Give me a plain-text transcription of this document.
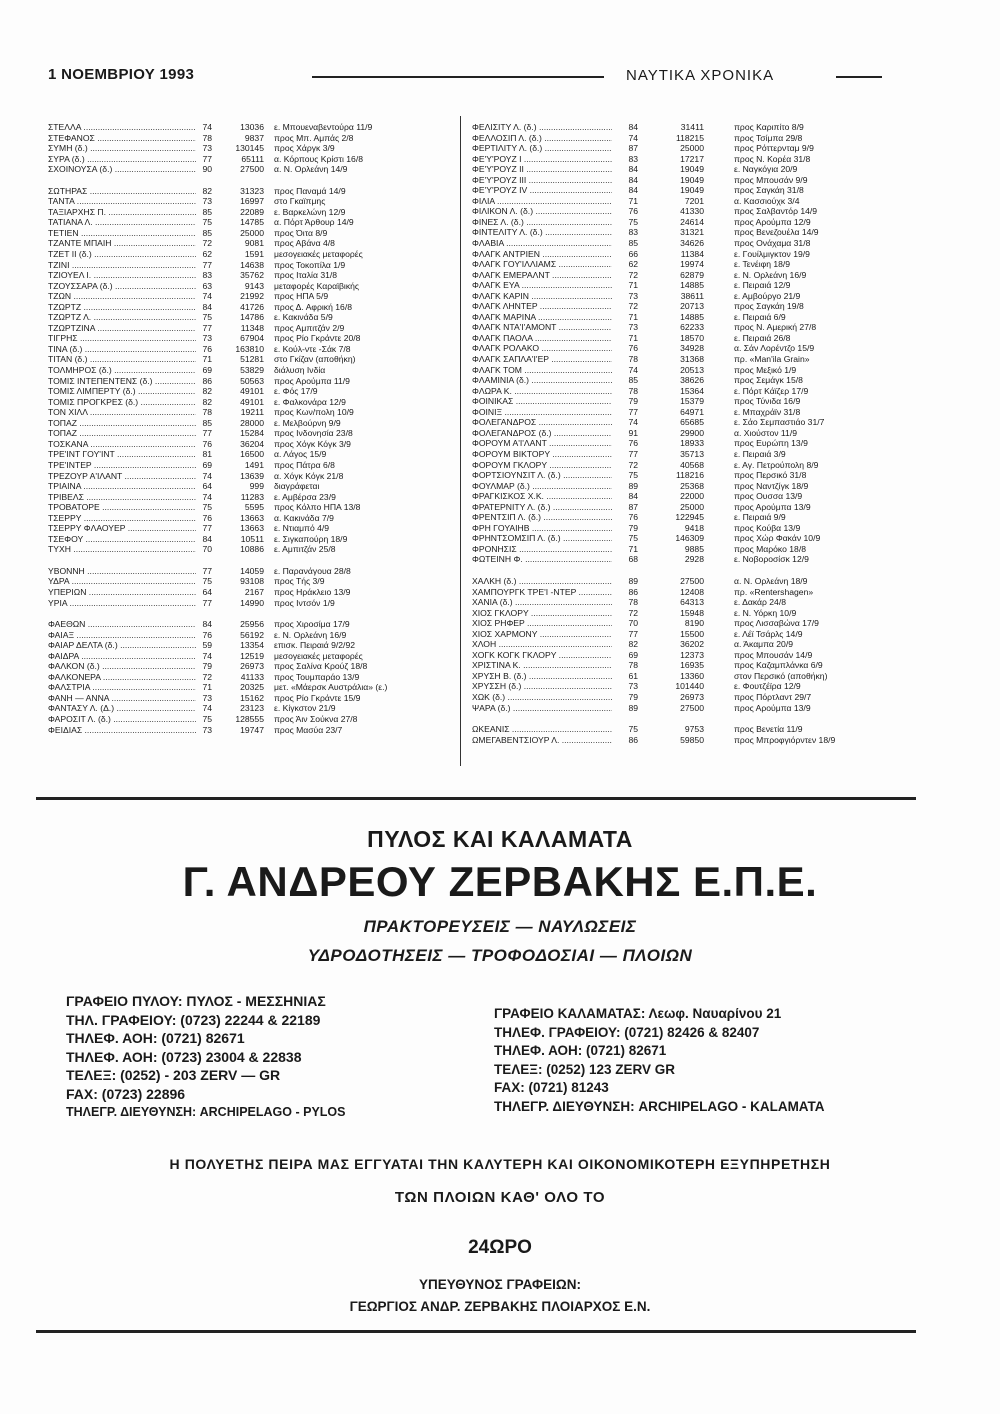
1 ΝΟΕΜΒΡΙΟΥ 1993	ΝΑΥΤΙΚΑ ΧΡΟΝΙΚΑ
ΣΤΕΛΛΑ .....	74	13036 ε. Μπουεναβεντούρα 11/9
ΣΤΕΦΑΝΟΣ .....	78	9837 προς Μπ. Αμπάς 2/8
ΣΥΜΗ (δ.) .....	73	130145 προς Χάργκ 3/9
ΣΥΡΑ (δ.) .....	77	65111 α. Κόρπους Κρίστι 16/8
ΣΧΟΙΝΟΥΣΑ (δ.) .....	90	27500 α. Ν. Ορλεάνη 14/9
ΣΩΤΗΡΑΣ .....	82	31323 προς Παναμά 14/9
ΤΑΝΤΑ .....	73	16997 στο Γκαϊπμης
ΤΑΞΙΑΡΧΗΣ Π. .....	85	22089 ε. Βαρκελώνη 12/9
ΤΑΤΙΑΝΑ Λ. .....	75	14785 α. Πόρτ Άρθουρ 14/9
ΤΕΤΙΕΝ .....	85	25000 προς Όιτα 8/9
ΤΖΑΝΤΕ ΜΠΑΙΗ .....	72	9081 προς Αβάνα 4/8
ΤΖΕΤ ΙΙ (δ.) .....	62	1591 μεσογειακές μεταφορές
ΤΖΙΝΙ .....	77	14638 προς Τοκοπίλα 1/9
ΤΖΙΟΥΕΛ Ι. .....	83	35762 προς Ιταλία 31/8
ΤΖΟΥΣΣΑΡΑ (δ.) .....	63	9143 μεταφορές Καραϊβικής
ΤΖΩΝ .....	74	21992 προς ΗΠΑ 5/9
ΤΖΩΡΤΖ .....	84	41726 προς Δ. Αφρική 16/8
ΤΖΩΡΤΖ Λ. .....	75	14786 ε. Κακινάδα 5/9
ΤΖΩΡΤΖΙΝΑ .....	77	11348 προς Αμπιτζάν 2/9
ΤΙΓΡΗΣ .....	73	67904 προς Ρίο Γκράντε 20/8
ΤΙΝΑ (δ.) .....	76	163810 ε. Κούλ-ντε -Σάκ 7/8
ΤΙΤΑΝ (δ.) .....	71	51281 στο Γκίζαν (αποθήκη)
ΤΟΛΜΗΡΟΣ (δ.) .....	69	53829 διάλυση Ινδία
ΤΟΜΙΣ ΙΝΤΕΠΕΝΤΕΝΣ (δ.) .....	86	50563 προς Αρούμπα 11/9
ΤΟΜΙΣ ΛΙΜΠΕΡΤΥ (δ.) .....	82	49101 ε. Φός 17/9
ΤΟΜΙΣ ΠΡΟΓΚΡΕΣ (δ.) .....	82	49101 ε. Φαλκονάρα 12/9
ΤΟΝ ΧΙΛΛ .....	78	19211 προς Κων/πολη 10/9
ΤΟΠΑΖ .....	85	28000 ε. Μελβούρνη 9/9
ΤΟΠΑΖ .....	77	15284 προς Ινδονησία 23/8
ΤΟΣΚΑΝΑ .....	76	36204 προς Χόγκ Κόγκ 3/9
ΤΡΕ'ΙΝΤ ΓΟΥ'ΙΝΤ .....	81	16500 α. Λάγος 15/9
ΤΡΕ'ΙΝΤΕΡ .....	69	1491 προς Πάτρα 6/8
ΤΡΕΖΟΥΡ Α'ΙΛΑΝΤ .....	74	13639 α. Χόγκ Κόγκ 21/8
ΤΡΙΑΙΝΑ .....	64	999 διαγράφεται
ΤΡΙΒΕΛΣ .....	74	11283 ε. Αμβέρσα 23/9
ΤΡΟΒΑΤΟΡΕ .....	75	5595 προς Κόλπο ΗΠΑ 13/8
ΤΣΕΡΡΥ .....	76	13663 α. Κακινάδα 7/9
ΤΣΕΡΡΥ ΦΛΑΟΥΕΡ .....	77	13663 ε. Ντιαμπό 4/9
ΤΣΕΦΟΥ .....	84	10511 ε. Σιγκαπούρη 18/9
ΤΥΧΗ .....	70	10886 ε. Αμπιτζάν 25/8
ΥΒΟΝΝΗ .....	77	14059 ε. Παρανάγουα 28/8
ΥΔΡΑ .....	75	93108 προς Τής 3/9
ΥΠΕΡΙΩΝ .....	64	2167 προς Ηράκλειο 13/9
ΥΡΙΑ .....	77	14990 προς Ιντσόν 1/9
ΦΑΕΘΩΝ .....	84	25956 προς Χιροσίμα 17/9
ΦΑΙΑΞ .....	76	56192 ε. Ν. Ορλεάνη 16/9
ΦΑΙΑΡ ΔΕΛΤΑ (δ.) .....	59	13354 επισκ. Πειραιά 9/2/92
ΦΑΙΔΡΑ .....	74	12519 μεσογειακές μεταφορές
ΦΑΛΚΟΝ (δ.) .....	79	26973 προς Σαλίνα Κρούζ 18/8
ΦΑΛΚΟΝΕΡΑ .....	72	41133 προς Τουμπαράο 13/9
ΦΑΛΣΤΡΙΑ .....	71	20325 μετ. «Μάερσκ Αυστράλια» (ε.)
ΦΑΝΗ — ΑΝΝΑ .....	73	15162 προς Ρίο Γκράντε 15/9
ΦΑΝΤΑΣΥ Λ. (Δ.) .....	74	23123 ε. Κίγκστον 21/9
ΦΑΡΟΣΙΤ Λ. (δ.) .....	75	128555 προς Άιν Σούκνα 27/8
ΦΕΙΔΙΑΣ .....	73	19747 προς Μασύα 23/7
ΦΕΛΙΣΙΤΥ Λ. (δ.) .....	84	31411	προς Καριπίτο 8/9
ΦΕΛΛΟΣΙΠ Λ. (δ.) .....	74	118215	προς Τσίμπα 29/8
ΦΕΡΤΙΛΙΤΥ Λ. (δ.) .....	87	25000	προς Ρόττερνταμ 9/9
ΦΕ'Υ'ΡΟΥΖ Ι .....	83	17217	προς Ν. Κορέα 31/8
ΦΕ'Υ'ΡΟΥΖ ΙΙ .....	84	19049	ε. Ναγκόγια 20/9
ΦΕ'Υ'ΡΟΥΖ ΙΙΙ .....	84	19049	προς Μπουσάν 9/9
ΦΕ'Υ'ΡΟΥΖ ΙV .....	84	19049	προς Σαγκάη 31/8
ΦΙΛΙΑ .....	71	7201	α. Κασσιούχκ 3/4
ΦΙΛΙΚΟΝ Λ. (δ.) .....	76	41330	προς Σαλβαντόρ 14/9
ΦΙΝΕΣ Λ. (δ.) .....	75	24614	προς Αρούμπα 12/9
ΦΙΝΤΕΛΙΤΥ Λ. (δ.) .....	83	31321	προς Βενεζουέλα 14/9
ΦΛΑΒΙΑ .....	85	34626	προς Ονάχαμα 31/8
ΦΛΑΓΚ ΑΝΤΡΙΕΝ .....	66	11384	ε. Γουίλμιγκτον 19/9
ΦΛΑΓΚ ΓΟΥ'ΙΛΛΙΑΜΣ .....	62	19974	ε. Τενέιφη 18/9
ΦΛΑΓΚ ΕΜΕΡΑΛΝΤ .....	72	62879	ε. Ν. Ορλεάνη 16/9
ΦΛΑΓΚ ΕΥΑ .....	71	14885	ε. Πειραιά 12/9
ΦΛΑΓΚ ΚΑΡΙΝ .....	73	38611	ε. Αμβούργο 21/9
ΦΛΑΓΚ ΛΗΝΤΕΡ .....	72	20713	προς Σαγκάη 19/8
ΦΛΑΓΚ ΜΑΡΙΝΑ .....	71	14885	ε. Πειραιά 6/9
ΦΛΑΓΚ ΝΤΑ'Ι'ΑΜΟΝΤ .....	73	62233	προς Ν. Αμερική 27/8
ΦΛΑΓΚ ΠΑΟΛΑ .....	71	18570	ε. Πειραιά 26/8
ΦΛΑΓΚ ΡΟΛΑΚΟ .....	76	34928	α. Σάν Λορέντζο 15/9
ΦΛΑΓΚ ΣΑΠΛΑ'Ι'ΕΡ .....	78	31368	πρ. «Man'ila Grain»
ΦΛΑΓΚ ΤΟΜ .....	74	20513	προς Μεξικό 1/9
ΦΛΑΜΙΝΙΑ (δ.) .....	85	38626	προς Σεμάγκ 15/8
ΦΛΩΡΑ Κ. .....	78	15364	ε. Πόρτ Κάϊζερ 17/9
ΦΟΙΝΙΚΑΣ .....	79	15379	προς Τύνιδα 16/9
ΦΟΙΝΙΞ .....	77	64971	ε. Μπαχράϊν 31/8
ΦΟΛΕΓΑΝΔΡΟΣ .....	74	65685	ε. Σάο Σεμπαστιάο 31/7
ΦΟΛΕΓΑΝΔΡΟΣ (δ.) .....	91	29900	α. Χιούστον 11/9
ΦΟΡΟΥΜ Α'Ι'ΛΑΝΤ .....	76	18933	προς Ευρώπη 13/9
ΦΟΡΟΥΜ ΒΙΚΤΟΡΥ .....	77	35713	ε. Πειραιά 3/9
ΦΟΡΟΥΜ ΓΚΛΟΡΥ .....	72	40568	ε. Αγ. Πετρούπολη 8/9
ΦΟΡΤΣΙΟΥΝΣΙΤ Λ. (δ.) .....	75	118216	προς Περσικό 31/8
ΦΟΥΛΜΑΡ (δ.) .....	89	25368	προς Ναντζίγκ 18/9
ΦΡΑΓΚΙΣΚΟΣ Χ.Κ. .....	84	22000	προς Ουσσα 13/9
ΦΡΑΤΕΡΝΙΤΥ Λ. (δ.) .....	87	25000	προς Αρούμπα 13/9
ΦΡΕΝΤΣΙΠ Λ. (δ.) .....	76	122945	ε. Πειραιά 9/9
ΦΡΗ ΓΟΥΑΙΗΒ .....	79	9418	προς Κούβα 13/9
ΦΡΗΝΤΣΟΜΣΙΠ Λ. (δ.) .....	75	146309	προς Χώρ Φακάν 10/9
ΦΡΟΝΗΣΙΣ .....	71	9885	προς Μαρόκο 18/8
ΦΩΤΕΙΝΗ Φ. .....	68	2928	ε. Νοβοροσίσκ 12/9
ΧΑΛΚΗ (δ.) .....	89	27500	α. Ν. Ορλεάνη 18/9
ΧΑΜΠΟΥΡΓΚ ΤΡΕ'Ι -ΝΤΕΡ .....	86	12408	πρ. «Rentershagen»
ΧΑΝΙΑ (δ.) .....	78	64313	ε. Δακάρ 24/8
ΧΙΟΣ ΓΚΛΟΡΥ .....	72	15948	ε. Ν. Υόρκη 10/9
ΧΙΟΣ ΡΗΦΕΡ .....	70	8190	προς Λισσαβώνα 17/9
ΧΙΟΣ ΧΑΡΜΟΝΥ .....	77	15500	ε. Λέϊ Τσάρλς 14/9
ΧΛΟΗ .....	82	36202	α. Άκαμπα 20/9
ΧΟΓΚ ΚΟΓΚ ΓΚΛΟΡΥ .....	69	12373	προς Μπουσάν 14/9
ΧΡΙΣΤΙΝΑ Κ. .....	78	16935	προς Καζαμπλάνκα 6/9
ΧΡΥΣΗ Β. (δ.) .....	61	13360	στον Περσικό (αποθήκη)
ΧΡΥΣΣΗ (δ.) .....	73	101440	ε. Φουτζέϊρα 12/9
ΧΩΚ (δ.) .....	79	26973	προς Πόρτλαντ 29/7
ΨΑΡΑ (δ.) .....	89	27500	προς Αρούμπα 13/9
ΩΚΕΑΝΙΣ .....	75	9753	προς Βενετία 11/9
ΩΜΕΓΑΒΕΝΤΣΙΟΥΡ Λ. .....	86	59850	προς Μπροφγιόρντεν 18/9
ΠΥΛΟΣ ΚΑΙ ΚΑΛΑΜΑΤΑ
Γ. ΑΝΔΡΕΟΥ ΖΕΡΒΑΚΗΣ Ε.Π.Ε.
ΠΡΑΚΤΟΡΕΥΣΕΙΣ — ΝΑΥΛΩΣΕΙΣ
ΥΔΡΟΔΟΤΗΣΕΙΣ — ΤΡΟΦΟΔΟΣΙΑΙ — ΠΛΟΙΩΝ
ΓΡΑΦΕΙΟ ΠΥΛΟΥ: ΠΥΛΟΣ - ΜΕΣΣΗΝΙΑΣ
ΤΗΛ. ΓΡΑΦΕΙΟΥ: (0723) 22244 & 22189
ΤΗΛΕΦ. ΑΟΗ: (0721) 82671
ΤΗΛΕΦ. ΑΟΗ: (0723) 23004 & 22838
ΤΕΛΕΞ: (0252) - 203 ZERV — GR
FAX: (0723) 22896
ΤΗΛΕΓΡ. ΔΙΕΥΘΥΝΣΗ: ARCHIPELAGO - PYLOS
ΓΡΑΦΕΙΟ ΚΑΛΑΜΑΤΑΣ: Λεωφ. Ναυαρίνου 21
ΤΗΛΕΦ. ΓΡΑΦΕΙΟΥ: (0721) 82426 & 82407
ΤΗΛΕΦ. ΑΟΗ: (0721) 82671
ΤΕΛΕΞ: (0252) 123 ZERV GR
FAX: (0721) 81243
ΤΗΛΕΓΡ. ΔΙΕΥΘΥΝΣΗ: ARCHIPELAGO - KALAMATA
Η ΠΟΛΥΕΤΗΣ ΠΕΙΡΑ ΜΑΣ ΕΓΓΥΑΤΑΙ ΤΗΝ ΚΑΛΥΤΕΡΗ ΚΑΙ ΟΙΚΟΝΟΜΙΚΟΤΕΡΗ ΕΞΥΠΗΡΕΤΗΣΗ
ΤΩΝ ΠΛΟΙΩΝ ΚΑΘ' ΟΛΟ ΤΟ
24ΩΡΟ
ΥΠΕΥΘΥΝΟΣ ΓΡΑΦΕΙΩΝ:
ΓΕΩΡΓΙΟΣ ΑΝΔΡ. ΖΕΡΒΑΚΗΣ ΠΛΟΙΑΡΧΟΣ Ε.Ν.
